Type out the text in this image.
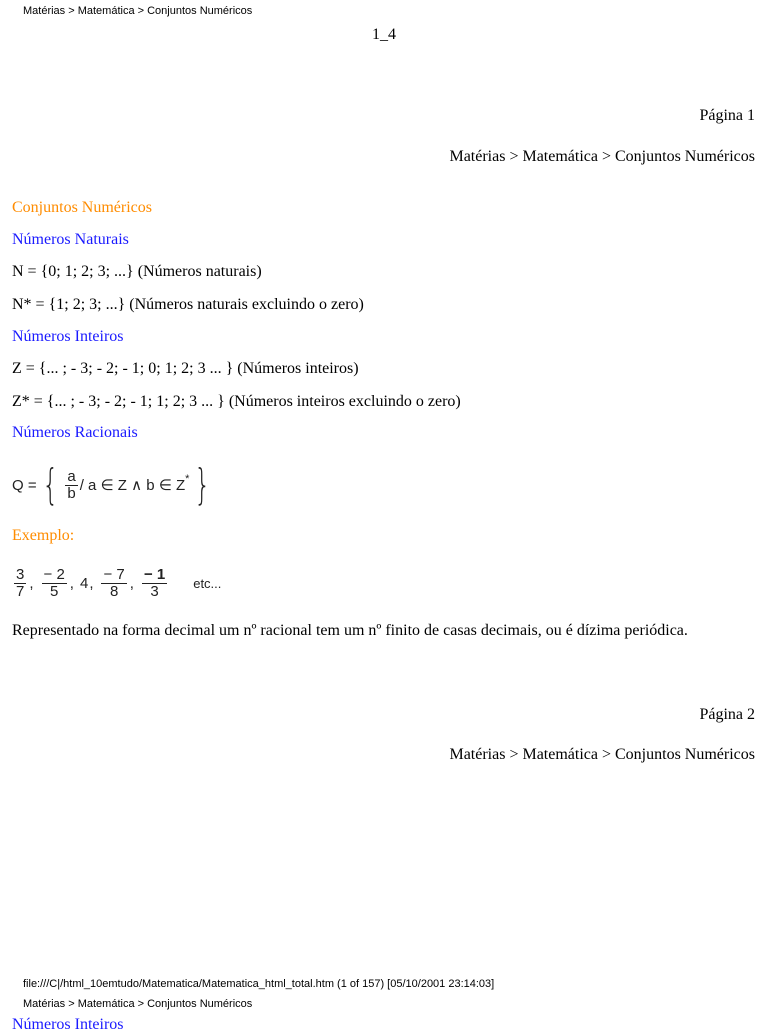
Matérias > Matemática > Conjuntos Numéricos
1_4
Página 1
Matérias > Matemática > Conjuntos Numéricos
Conjuntos Numéricos
Números Naturais
N = {0; 1; 2; 3; ...} (Números naturais)
N* = {1; 2; 3; ...} (Números naturais excluindo o zero)
Números Inteiros
Z = {... ; - 3; - 2; - 1; 0; 1; 2; 3 ... } (Números inteiros)
Z* = {... ; - 3; - 2; - 1; 1; 2; 3 ... } (Números inteiros excluindo o zero)
Números Racionais
Q = { $\frac{a}{b}$ / a ∈ Z ∧ b ∈ Z* }
Exemplo:
$\frac{3}{7}$ , $\frac{- 2}{5}$ , 4 , $\frac{- 7}{8}$ , $\frac{- 1}{3}$ etc...
Representado na forma decimal um nº racional tem um nº finito de casas decimais, ou é dízima periódica.
Página 2
Matérias > Matemática > Conjuntos Numéricos
file:///C|/html_10emtudo/Matematica/Matematica_html_total.htm (1 of 157) [05/10/2001 23:14:03]
Matérias > Matemática > Conjuntos Numéricos
Números Inteiros
